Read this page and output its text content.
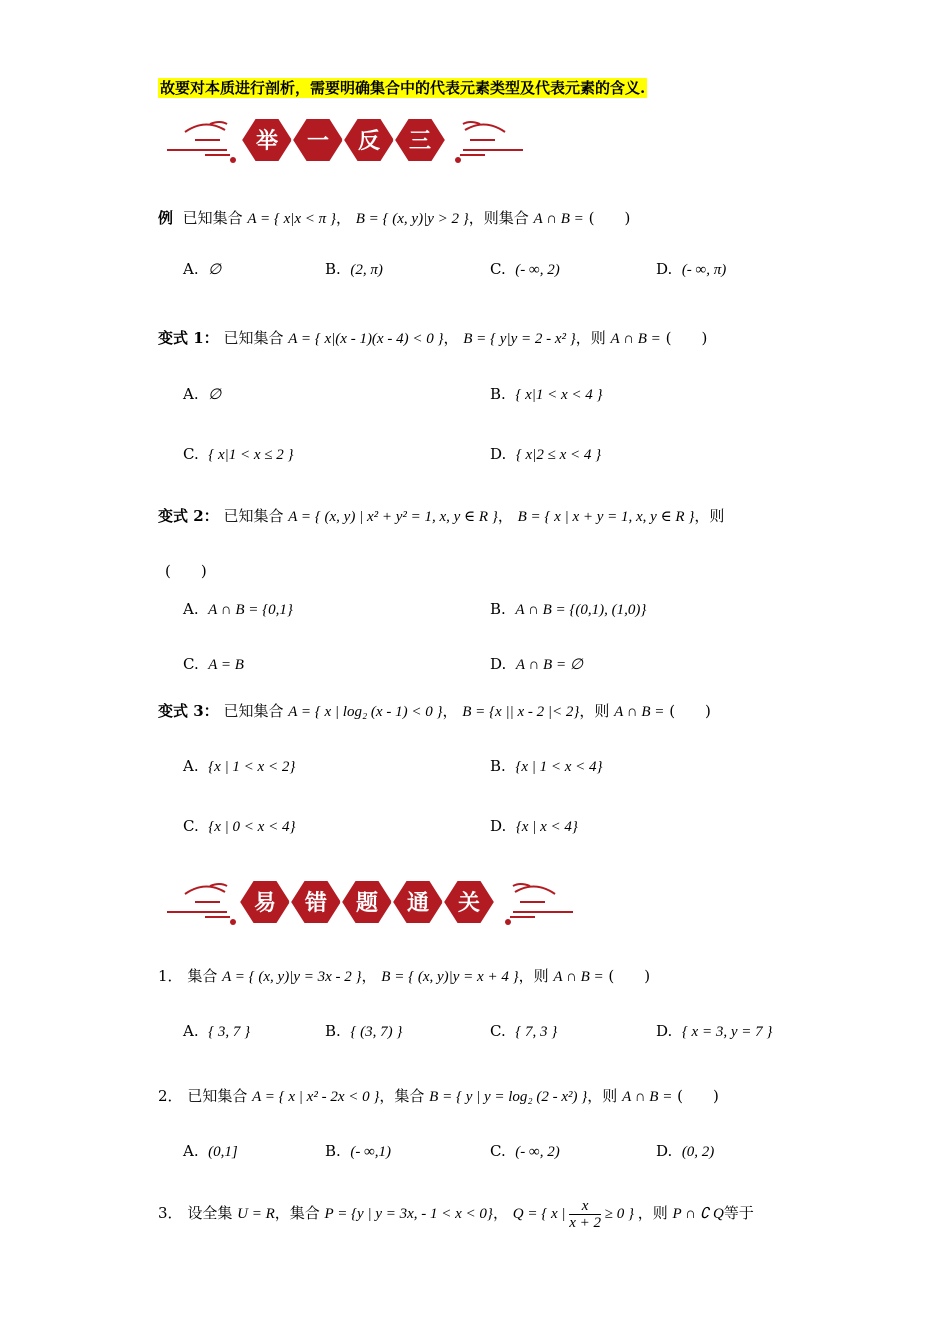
故要对本质进行剖析，需要明确集合中的代表元素类型及代表元素的含义.
举 一 反 三
例 已知集合 A = { x|x < π }， B = { (x, y)|y > 2 }，则集合 A ∩ B = (　　)
A. ∅	B. (2, π)	C. (- ∞, 2)	D. (- ∞, π)
变式 1： 已知集合 A = { x|(x - 1)(x - 4) < 0 }， B = { y|y = 2 - x² }，则 A ∩ B = (　　)
A. ∅	B. { x|1 < x < 4 }
C. { x|1 < x ≤ 2 }	D. { x|2 ≤ x < 4 }
变式 2： 已知集合 A = { (x, y) | x² + y² = 1, x, y ∈ R }， B = { x | x + y = 1, x, y ∈ R }，则
(　　)
A. A ∩ B = {0,1}	B. A ∩ B = {(0,1), (1,0)}
C. A = B	D. A ∩ B = ∅
变式 3： 已知集合 A = { x | log₂ (x - 1) < 0 }， B = {x || x - 2 |< 2}，则 A ∩ B = (　　)
A. {x | 1 < x < 2}	B. {x | 1 < x < 4}
C. {x | 0 < x < 4}	D. {x | x < 4}
易 错 题 通 关
1． 集合 A = { (x, y)|y = 3x - 2 }， B = { (x, y)|y = x + 4 }，则 A ∩ B = (　　)
A. { 3, 7 }	B. { (3, 7) }	C. { 7, 3 }	D. { x = 3, y = 7 }
2． 已知集合 A = { x | x² - 2x < 0 }，集合 B = { y | y = log₂ (2 - x²) }，则 A ∩ B = (　　)
A. (0,1]	B. (- ∞,1)	C. (- ∞, 2)	D. (0, 2)
3． 设全集 U = R，集合 P = {y | y = 3x, - 1 < x < 0}， Q = { x | $\frac{x}{x + 2} \ge 0$ } ，则 P ∩ ∁ Q等于
